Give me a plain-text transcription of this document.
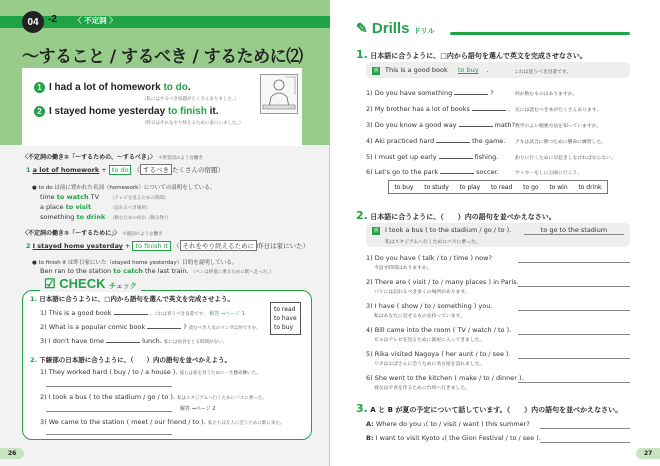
04 -2 〈 不定詞 〉
～すること / するべき / するために⑵
1 I had a lot of homework to do.
（私にはやるべき宿題がたくさんありました。）
2 I stayed home yesterday to finish it.
（昨日はそれをやり終えるために家にいました。）
〈不定詞の働き②「～するための、～するべき」〉 ＊形容詞のような働き
1 a lot of homework + to do （ するべき たくさんの宿題）
● to do は前に置かれた名詞（homework）についての説明をしている。
time to watch TV （テレビを見るための時間）
a place to visit	（訪れるべき場所）
something to drink （飲むための何か（飲み物））
〈不定詞の働き③「～するために」〉 ＊副詞のような働き
2 I stayed home yesterday + to finish it （ それをやり終えるために 昨日は家にいた）
● to finish it は昨日家にいた（stayed home yesterday）目的を説明している。
Ben ran to the station to catch the last train. （ベンは終電に乗るために駅へ走った。）
☑ CHECK チェック
1. 日本語に合うように、□内から語句を選んで英文を完成させよう。
1) This is a good book	. これは買うべき良書です。 解答 ⇒ページ 1
2) What is a popular comic book	? 読むべき人気のマンガは何ですか。
3) I don't have time	lunch. 私には昼食をとる時間がない。
to read
to have
to buy
2. 下線部の日本語に合うように、（　　）内の語句を並べかえよう。
1) They worked hard ( buy / to / a house ). 彼らは家を買うために一生懸命働いた。
2) I took a bus ( to the stadium / go / to ). 私はスタジアムへ行くためにバスに乗った。
解答 ⇒ページ 2
3) We came to the station ( meet / our friend / to ). 私たちは友人に会うために駅に来た。
26
✎ Drills ドリル
1. 日本語に合うように、□内から語句を選んで英文を完成させなさい。
例 This is a good book to buy .	これは買うべき良書です。
1) Do you have something	?	何か飲むものはありますか。
2) My brother has a lot of books	. 兄には読むべき本がたくさんあります。
3) Do you know a good way	math? 数学のよい勉強方法を知っていますか。
4) Aki practiced hard	the game. アキは試合に勝つために懸命に練習した。
5) I must get up early	fishing.	釣りに行くために早起きしなければならない。
6) Let's go to the park	soccer.	サッカーをしに公園に行こう。
to buy to study to play to read to go to win to drink
2. 日本語に合うように、（　　）内の語句を並べかえなさい。
例 I took a bus ( to the stadium / go / to ).	to go to the stadium
私はスタジアムへ行くためにバスに乗った。
1) Do you have ( talk / to / time ) now?
今話す時間はありますか。
2) There are ( visit / to / many places ) in Paris.
パリには訪れるべき多くの場所があります。
3) I have ( show / to / something ) you.
私はあなたに見せるものを持っています。
4) Bill came into the room ( TV / watch / to ).
ビルはテレビを見るために部屋に入ってきました。
5) Rika visited Nagoya ( her aunt / to / see ).
リカはおばさんに会うために名古屋を訪れました。
6) She went to the kitchen ( make / to / dinner ).
彼女は夕食を作るために台所へ行きました。
3. A と B が夏の予定について話しています。（　　）内の語句を並べかえなさい。
A: Where do you ₁( to / visit / want ) this summer?
B: I want to visit Kyoto ₂( the Gion Festival / to / see ).
27
